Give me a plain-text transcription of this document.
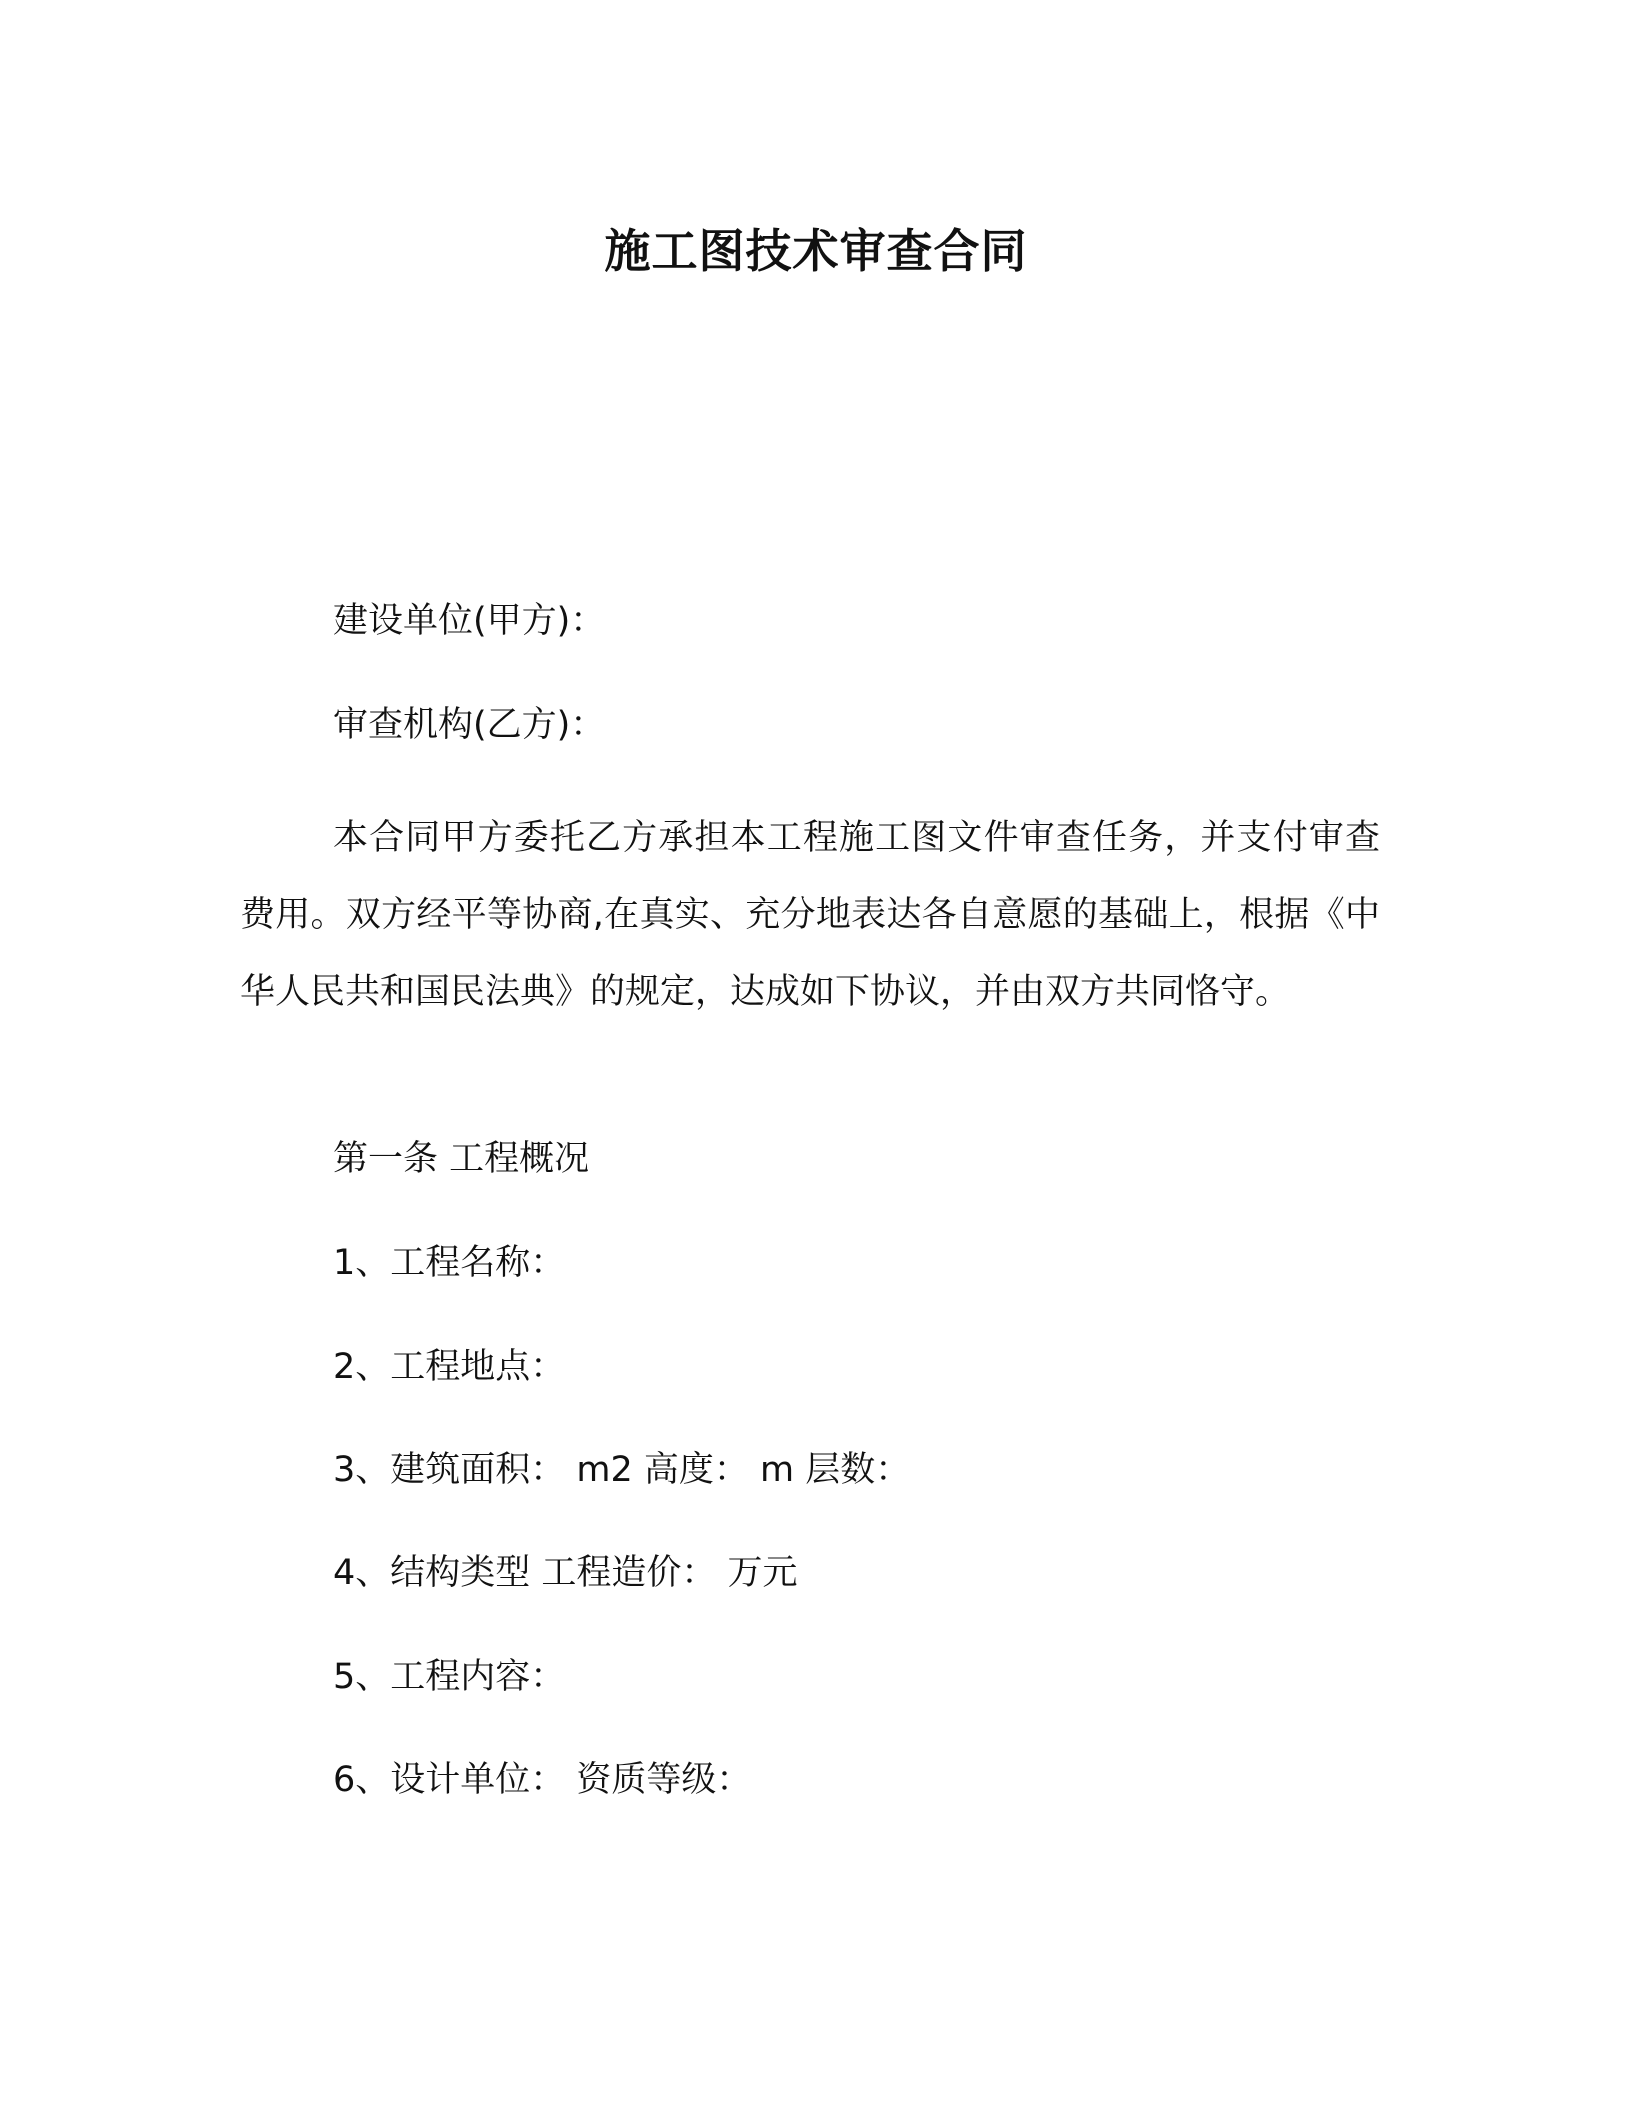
施工图技术审查合同
建设单位(甲方)：
审查机构(乙方)：

本合同甲方委托乙方承担本工程施工图文件审查任务，并支付审查费用。双方经平等协商,在真实、充分地表达各自意愿的基础上，根据《中华人民共和国民法典》的规定，达成如下协议，并由双方共同恪守。

第一条 工程概况
1、工程名称：
2、工程地点：
3、建筑面积： m2 高度： m 层数：
4、结构类型 工程造价： 万元
5、工程内容：
6、设计单位： 资质等级：
